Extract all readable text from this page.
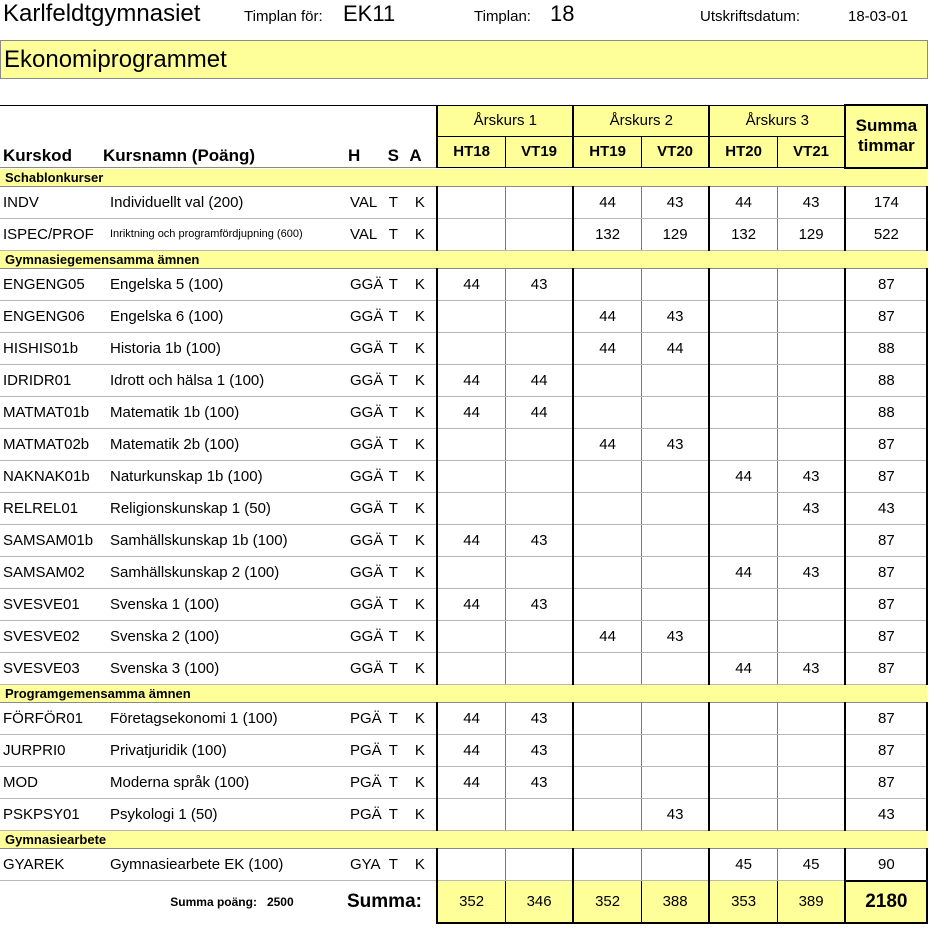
Karlfeldtgymnasiet	Timplan för: EK11	Timplan: 18	Utskriftsdatum:	18-03-01
Ekonomiprogrammet
					Årskurs 1		Årskurs 2		Årskurs 3		Summa
timmar
Kurskod	Kursnamn (Poäng)	H	S	A	HT18	VT19	HT19	VT20	HT20	VT21	
Schablonkurser											
INDV	Individuellt val (200)	VAL	T	K			44	43	44	43	174
ISPEC/PROF	Inriktning och programfördjupning (600)	VAL	T	K			132	129	132	129	522
Gymnasiegemensamma ämnen											
ENGENG05	Engelska 5 (100)	GGÄ	T	K	44	43					87
ENGENG06	Engelska 6 (100)	GGÄ	T	K			44	43			87
HISHIS01b	Historia 1b (100)	GGÄ	T	K			44	44			88
IDRIDR01	Idrott och hälsa 1 (100)	GGÄ	T	K	44	44					88
MATMAT01b	Matematik 1b (100)	GGÄ	T	K	44	44					88
MATMAT02b	Matematik 2b (100)	GGÄ	T	K			44	43			87
NAKNAK01b	Naturkunskap 1b (100)	GGÄ	T	K					44	43	87
RELREL01	Religionskunskap 1 (50)	GGÄ	T	K						43	43
SAMSAM01b	Samhällskunskap 1b (100)	GGÄ	T	K	44	43					87
SAMSAM02	Samhällskunskap 2 (100)	GGÄ	T	K					44	43	87
SVESVE01	Svenska 1 (100)	GGÄ	T	K	44	43					87
SVESVE02	Svenska 2 (100)	GGÄ	T	K			44	43			87
SVESVE03	Svenska 3 (100)	GGÄ	T	K					44	43	87
Programgemensamma ämnen											
FÖRFÖR01	Företagsekonomi 1 (100)	PGÄ	T	K	44	43					87
JURPRI0	Privatjuridik (100)	PGÄ	T	K	44	43					87
MOD	Moderna språk (100)	PGÄ	T	K	44	43					87
PSKPSY01	Psykologi 1 (50)	PGÄ	T	K				43			43
Gymnasiearbete											
GYAREK	Gymnasiearbete EK (100)	GYA	T	K					45	45	90
	Summa poäng: 2500	Summa:			352	346	352	388	353	389	2180
